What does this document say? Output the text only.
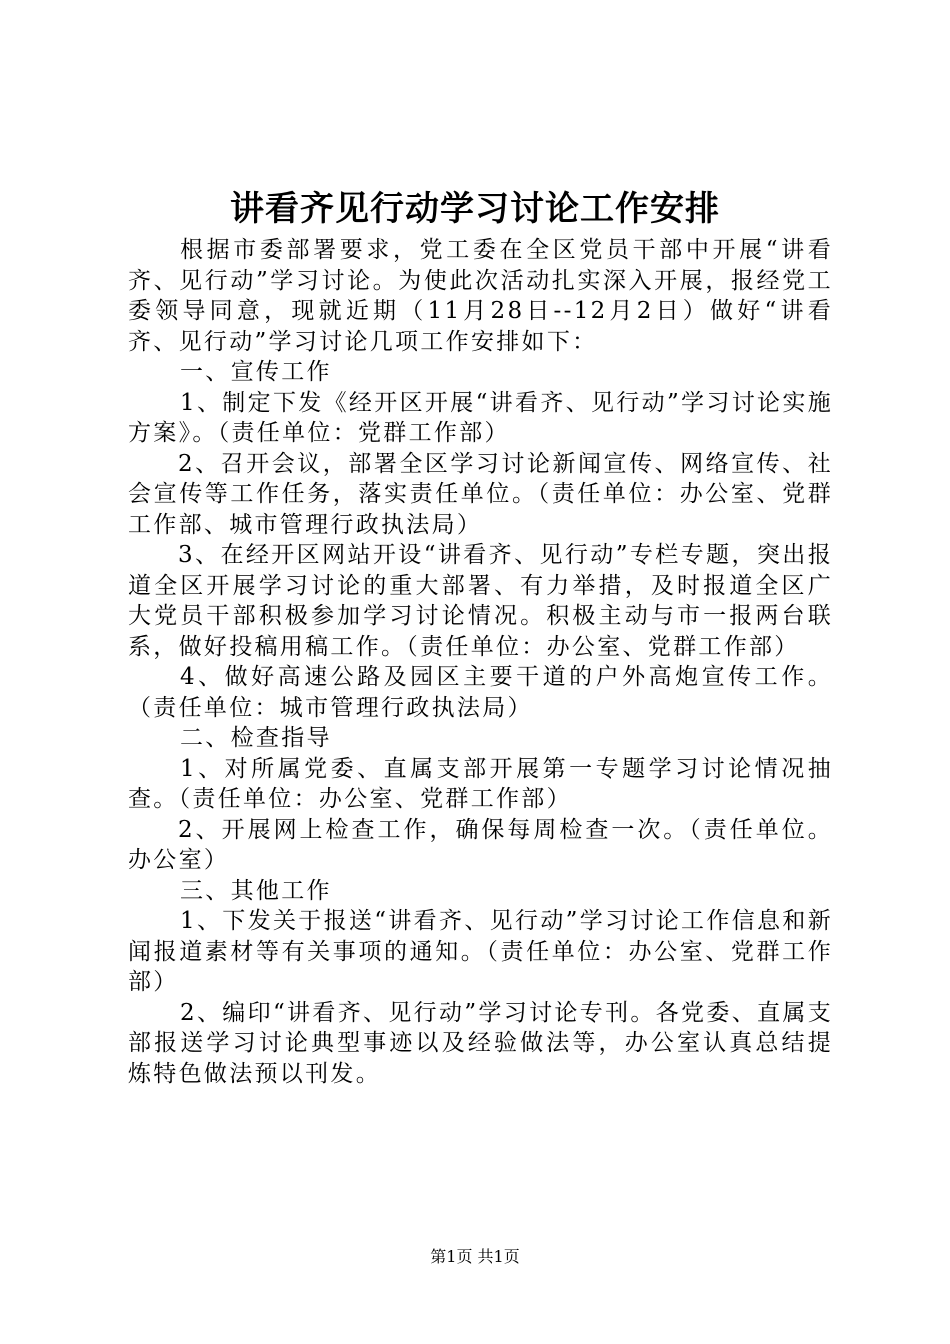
讲看齐见行动学习讨论工作安排

根据市委部署要求，党工委在全区党员干部中开展“讲看齐、见行动”学习讨论。为使此次活动扎实深入开展，报经党工委领导同意，现就近期（11月28日--12月2日）做好“讲看齐、见行动”学习讨论几项工作安排如下：

一、宣传工作

1、制定下发《经开区开展“讲看齐、见行动”学习讨论实施方案》。（责任单位：党群工作部）

2、召开会议，部署全区学习讨论新闻宣传、网络宣传、社会宣传等工作任务，落实责任单位。（责任单位：办公室、党群工作部、城市管理行政执法局）

3、在经开区网站开设“讲看齐、见行动”专栏专题，突出报道全区开展学习讨论的重大部署、有力举措，及时报道全区广大党员干部积极参加学习讨论情况。积极主动与市一报两台联系，做好投稿用稿工作。（责任单位：办公室、党群工作部）

4、做好高速公路及园区主要干道的户外高炮宣传工作。（责任单位：城市管理行政执法局）

二、检查指导

1、对所属党委、直属支部开展第一专题学习讨论情况抽查。（责任单位：办公室、党群工作部）

2、开展网上检查工作，确保每周检查一次。（责任单位。办公室）

三、其他工作

1、下发关于报送“讲看齐、见行动”学习讨论工作信息和新闻报道素材等有关事项的通知。（责任单位：办公室、党群工作部）

2、编印“讲看齐、见行动”学习讨论专刊。各党委、直属支部报送学习讨论典型事迹以及经验做法等，办公室认真总结提炼特色做法预以刊发。

第1页 共1页
